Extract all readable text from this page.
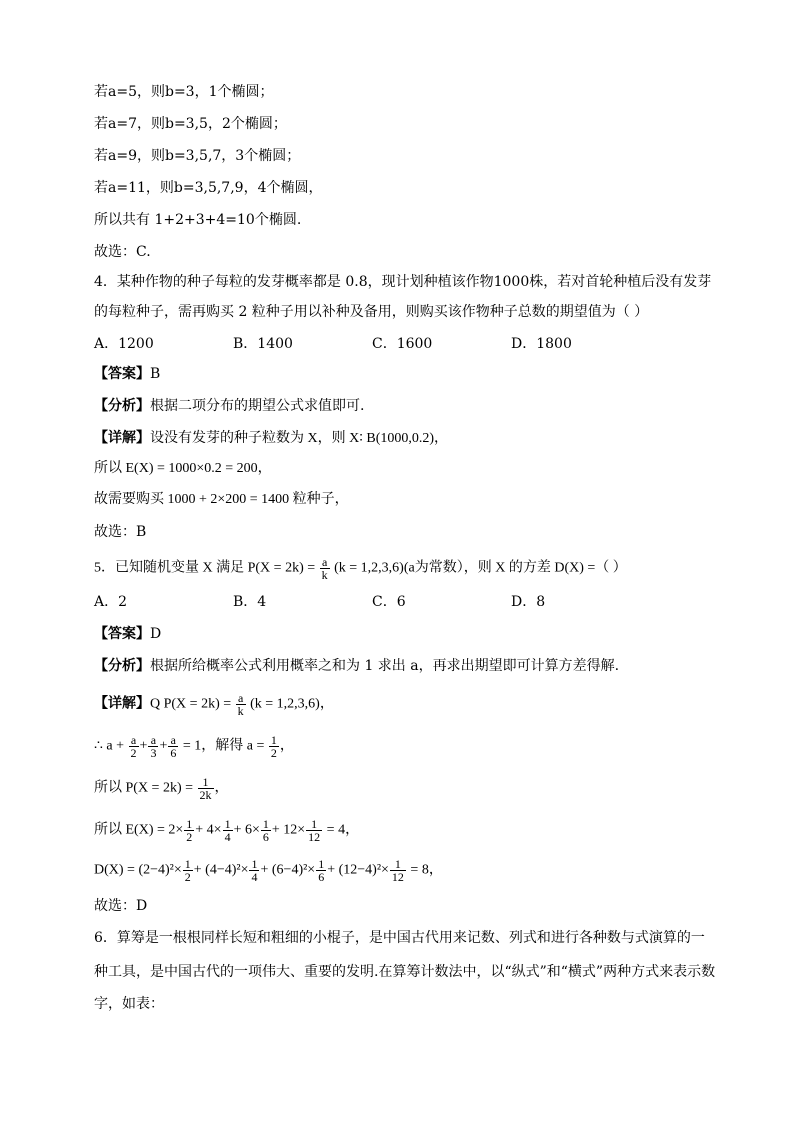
若a=5，则b=3，1个椭圆；
若a=7，则b=3,5，2个椭圆；
若a=9，则b=3,5,7，3个椭圆；
若a=11，则b=3,5,7,9，4个椭圆，
所以共有 1+2+3+4=10个椭圆.
故选：C.
4．某种作物的种子每粒的发芽概率都是 0.8，现计划种植该作物1000株，若对首轮种植后没有发芽
的每粒种子，需再购买 2 粒种子用以补种及备用，则购买该作物种子总数的期望值为（ ）
A．1200	B．1400	C．1600	D．1800
【答案】B
【分析】根据二项分布的期望公式求值即可.
【详解】设没有发芽的种子粒数为 X，则 X∶ B(1000,0.2)，
所以 E(X) = 1000×0.2 = 200，
故需要购买 1000 + 2×200 = 1400 粒种子，
故选：B
5．已知随机变量 X 满足 $P(X = 2k) = \frac{a}{k} (k = 1,2,3,6)(a$为常数），则 X 的方差 D(X) =（ ）
A．2	B．4	C．6	D．8
【答案】D
【分析】根据所给概率公式利用概率之和为 1 求出 a，再求出期望即可计算方差得解.
【详解】Q $P(X = 2k) = \frac{a}{k} (k = 1,2,3,6)$，
∴ $a + \frac{a}{2} + \frac{a}{3} + \frac{a}{6} = 1$，解得 $a = \frac{1}{2}$ ，
所以 $P(X = 2k) = \frac{1}{2k}$ ，
所以 $E(X) = 2\times \frac{1}{2} + 4\times \frac{1}{4} + 6\times \frac{1}{6} + 12\times \frac{1}{12} = 4$，
$D(X) = (2-4)^2\times \frac{1}{2} + (4-4)^2\times \frac{1}{4} + (6-4)^2\times \frac{1}{6} + (12-4)^2\times \frac{1}{12} = 8$，
故选：D
6．算筹是一根根同样长短和粗细的小棍子，是中国古代用来记数、列式和进行各种数与式演算的一
种工具，是中国古代的一项伟大、重要的发明.在算筹计数法中，以“纵式”和“横式”两种方式来表示数
字，如表：
